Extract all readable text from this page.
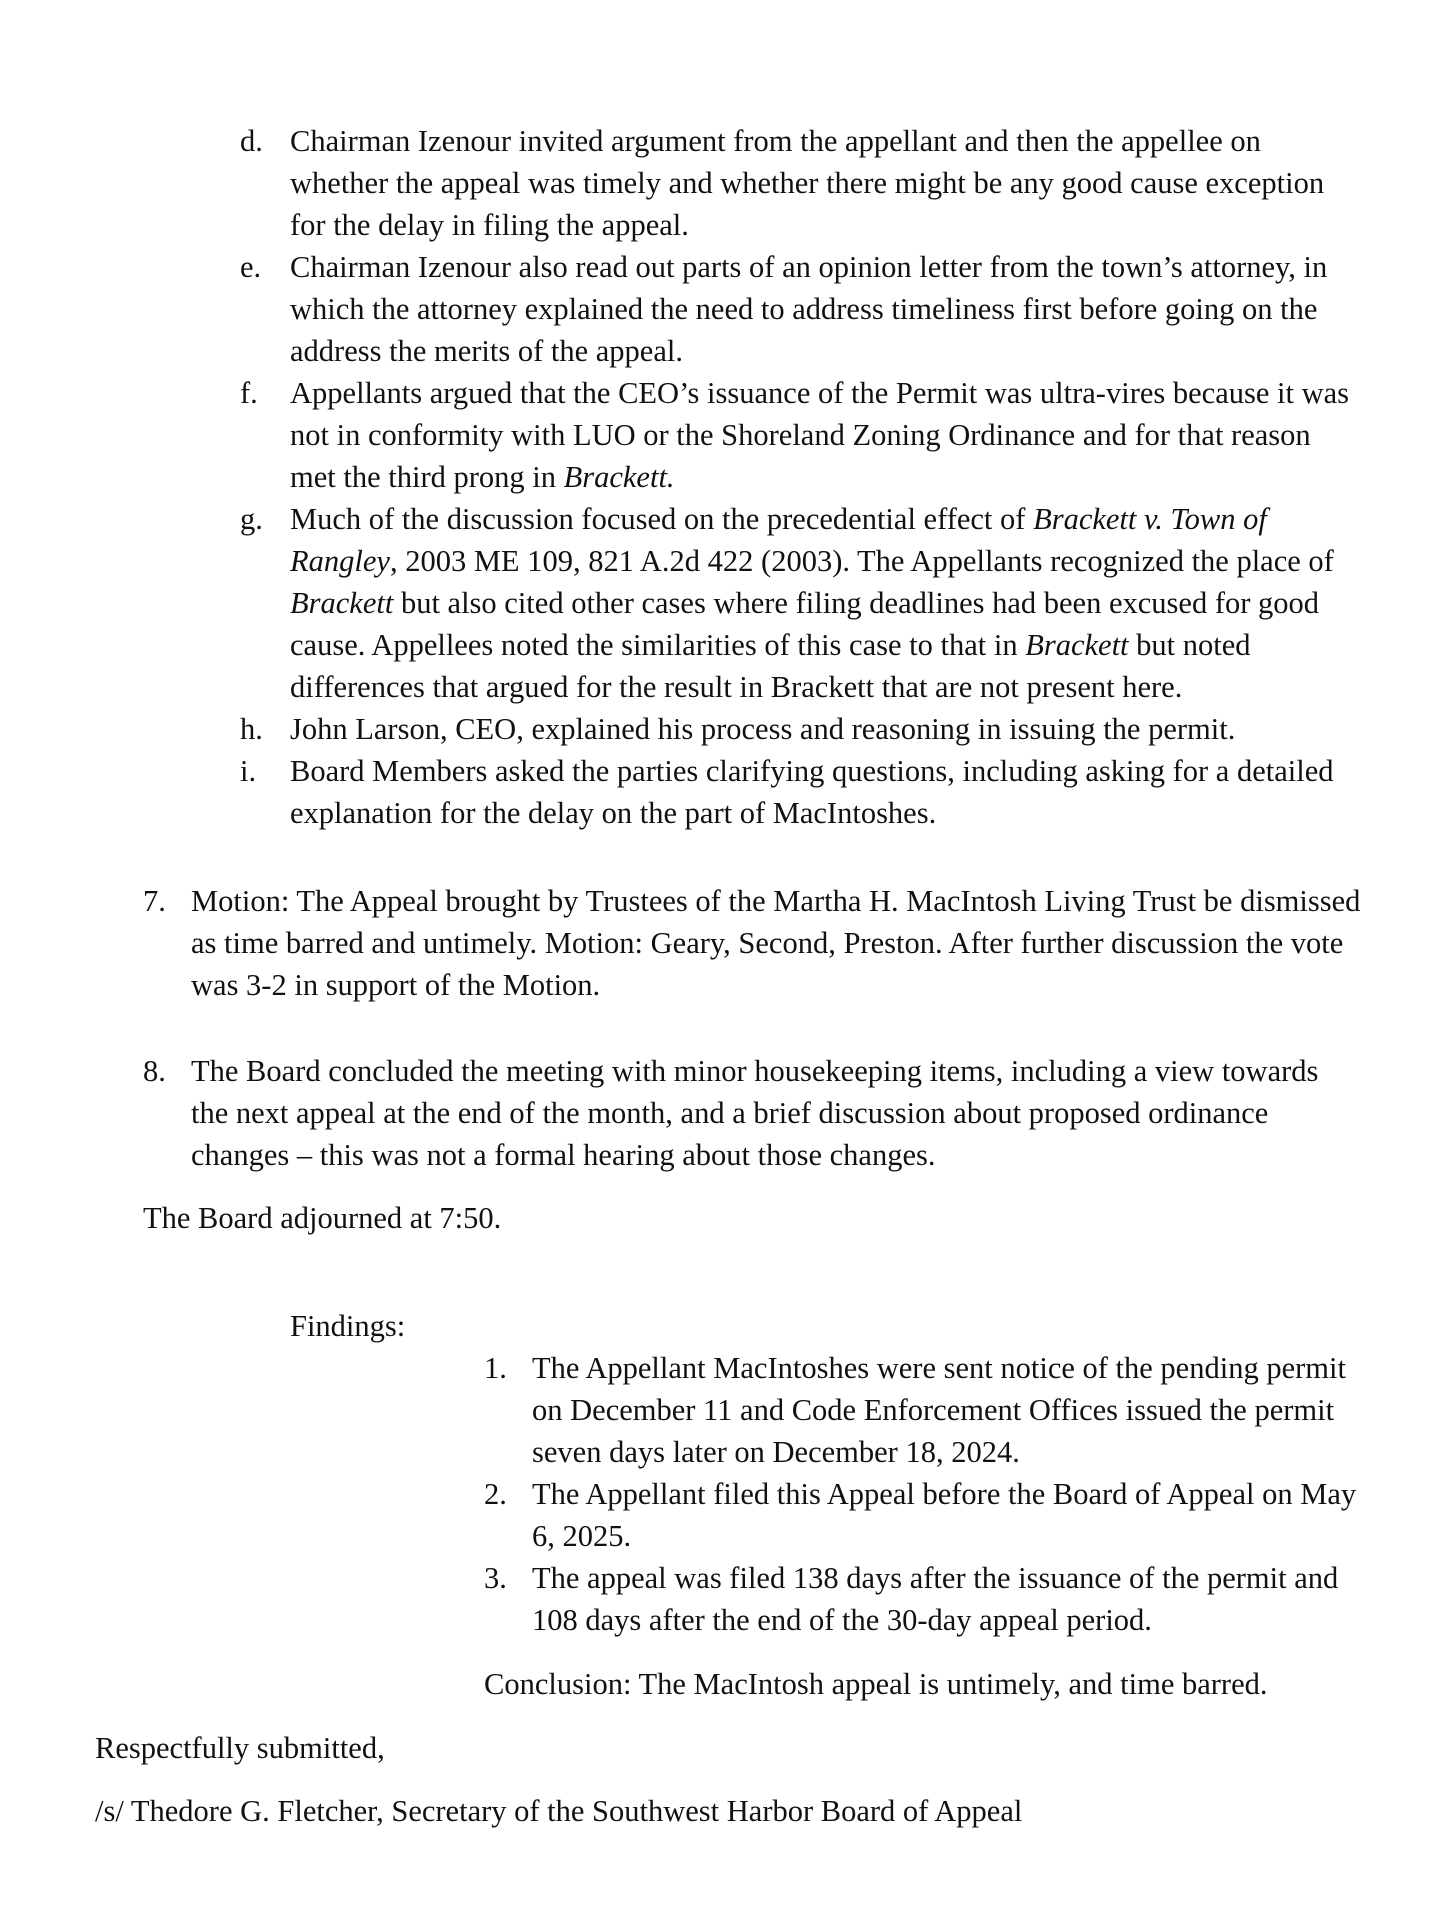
d. Chairman Izenour invited argument from the appellant and then the appellee on whether the appeal was timely and whether there might be any good cause exception for the delay in filing the appeal.
e. Chairman Izenour also read out parts of an opinion letter from the town’s attorney, in which the attorney explained the need to address timeliness first before going on the address the merits of the appeal.
f.	Appellants argued that the CEO’s issuance of the Permit was ultra-vires because it was not in conformity with LUO or the Shoreland Zoning Ordinance and for that reason met the third prong in Brackett.
g. Much of the discussion focused on the precedential effect of Brackett v. Town of Rangley, 2003 ME 109, 821 A.2d 422 (2003). The Appellants recognized the place of Brackett but also cited other cases where filing deadlines had been excused for good cause. Appellees noted the similarities of this case to that in Brackett but noted differences that argued for the result in Brackett that are not present here.
h. John Larson, CEO, explained his process and reasoning in issuing the permit.
i.	Board Members asked the parties clarifying questions, including asking for a detailed explanation for the delay on the part of MacIntoshes.
7. Motion: The Appeal brought by Trustees of the Martha H. MacIntosh Living Trust be dismissed as time barred and untimely. Motion: Geary, Second, Preston. After further discussion the vote was 3-2 in support of the Motion.
8. The Board concluded the meeting with minor housekeeping items, including a view towards the next appeal at the end of the month, and a brief discussion about proposed ordinance changes – this was not a formal hearing about those changes.
The Board adjourned at 7:50.
Findings:
1. The Appellant MacIntoshes were sent notice of the pending permit on December 11 and Code Enforcement Offices issued the permit seven days later on December 18, 2024.
2. The Appellant filed this Appeal before the Board of Appeal on May 6, 2025.
3. The appeal was filed 138 days after the issuance of the permit and 108 days after the end of the 30-day appeal period.
Conclusion: The MacIntosh appeal is untimely, and time barred.
Respectfully submitted,
/s/ Thedore G. Fletcher, Secretary of the Southwest Harbor Board of Appeal
